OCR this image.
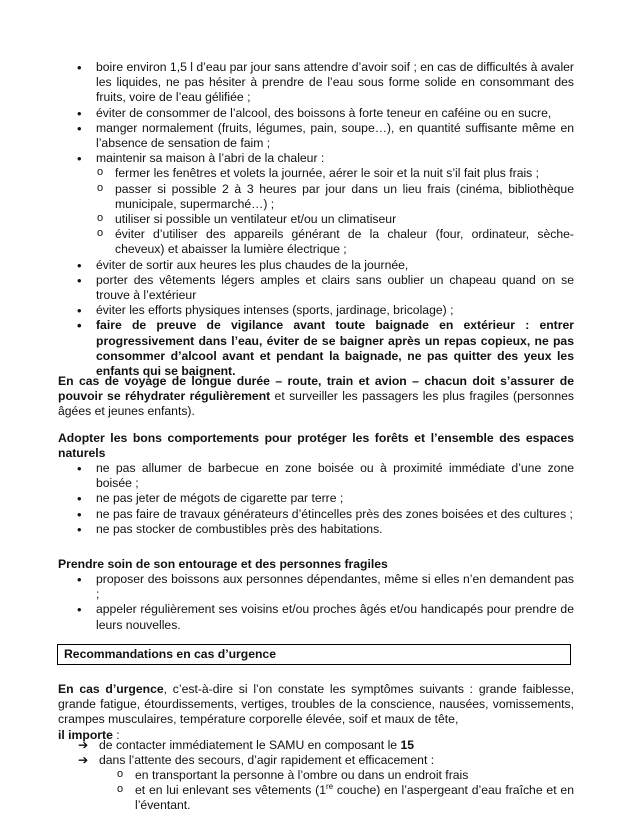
• boire environ 1,5 l d’eau par jour sans attendre d’avoir soif ; en cas de difficultés à avaler les liquides, ne pas hésiter à prendre de l’eau sous forme solide en consommant des fruits, voire de l’eau gélifiée ;
• éviter de consommer de l’alcool, des boissons à forte teneur en caféine ou en sucre,
• manger normalement (fruits, légumes, pain, soupe…), en quantité suffisante même en l’absence de sensation de faim ;
• maintenir sa maison à l’abri de la chaleur :
o fermer les fenêtres et volets la journée, aérer le soir et la nuit s’il fait plus frais ;
o passer si possible 2 à 3 heures par jour dans un lieu frais (cinéma, bibliothèque municipale, supermarché…) ;
o utiliser si possible un ventilateur et/ou un climatiseur
o éviter d’utiliser des appareils générant de la chaleur (four, ordinateur, sèche-cheveux) et abaisser la lumière électrique ;
• éviter de sortir aux heures les plus chaudes de la journée,
• porter des vêtements légers amples et clairs sans oublier un chapeau quand on se trouve à l’extérieur
• éviter les efforts physiques intenses (sports, jardinage, bricolage) ;
• faire de preuve de vigilance avant toute baignade en extérieur : entrer progressivement dans l’eau, éviter de se baigner après un repas copieux, ne pas consommer d’alcool avant et pendant la baignade, ne pas quitter des yeux les enfants qui se baignent.
En cas de voyage de longue durée – route, train et avion – chacun doit s’assurer de pouvoir se réhydrater régulièrement et surveiller les passagers les plus fragiles (personnes âgées et jeunes enfants).
Adopter les bons comportements pour protéger les forêts et l’ensemble des espaces naturels
• ne pas allumer de barbecue en zone boisée ou à proximité immédiate d’une zone boisée ;
• ne pas jeter de mégots de cigarette par terre ;
• ne pas faire de travaux générateurs d’étincelles près des zones boisées et des cultures ;
• ne pas stocker de combustibles près des habitations.
Prendre soin de son entourage et des personnes fragiles
• proposer des boissons aux personnes dépendantes, même si elles n’en demandent pas ;
• appeler régulièrement ses voisins et/ou proches âgés et/ou handicapés pour prendre de leurs nouvelles.
Recommandations en cas d’urgence
En cas d’urgence, c’est-à-dire si l’on constate les symptômes suivants : grande faiblesse, grande fatigue, étourdissements, vertiges, troubles de la conscience, nausées, vomissements, crampes musculaires, température corporelle élevée, soif et maux de tête,
il importe :
➔ de contacter immédiatement le SAMU en composant le 15
➔ dans l’attente des secours, d’agir rapidement et efficacement :
o en transportant la personne à l’ombre ou dans un endroit frais
o et en lui enlevant ses vêtements (1re couche) en l’aspergeant d’eau fraîche et en l’éventant.
